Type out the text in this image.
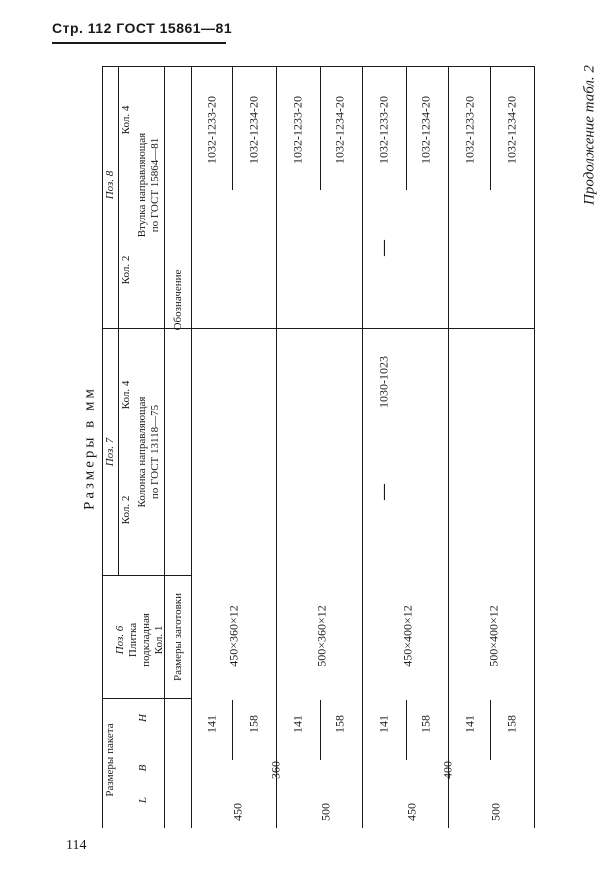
Стр. 112 ГОСТ 15861—81
Продолжение табл. 2
Размеры в мм
Размеры пакета
L
B
H
Поз. 6 Плитка подкладная Кол. 1 Размеры заготовки
Поз. 7 Колонка направляющая по ГОСТ 13118—75
Кол. 2
Кол. 4
Поз. 8 Втулка направляющая по ГОСТ 15864—81
Кол. 2
Кол. 4
Обозначение
450
360
141 158
450×360×12
1032-1233-20 1032-1234-20
500
141 158
500×360×12
1032-1233-20 1032-1234-20
450
400
141 158
450×400×12
1032-1233-20 1032-1234-20
500
141 158
500×400×12
1032-1233-20 1032-1234-20
1030-1023
—
—
114
